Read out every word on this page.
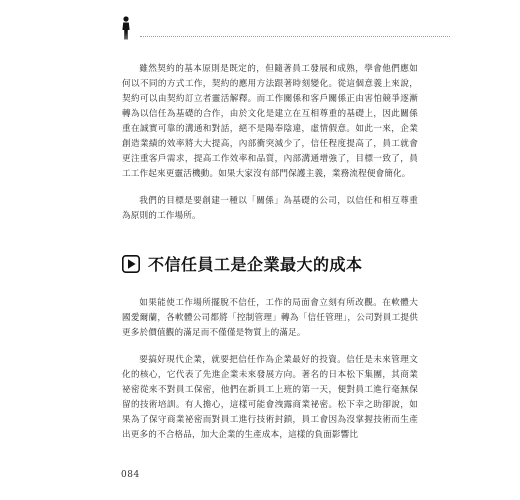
雖然契約的基本原則是既定的，但隨著員工發展和成熟，學會他們應如何以不同的方式工作，契約的應用方法跟著時刻變化。從這個意義上來說，契約可以由契約訂立者靈活解釋。而工作關係和客戶關係正由害怕競爭逐漸轉為以信任為基礎的合作，由於文化是建立在互相尊重的基礎上，因此關係重在誠實可靠的溝通和對話，絕不是陽奉陰違，虛情假意。如此一來，企業創造業績的效率將大大提高，內部衝突減少了，信任程度提高了，員工就會更注重客戶需求，提高工作效率和品質，內部溝通增強了，目標一致了，員工工作起來更靈活機動。如果大家沒有部門保護主義，業務流程便會簡化。

我們的目標是要創建一種以「關係」為基礎的公司，以信任和相互尊重為原則的工作場所。

不信任員工是企業最大的成本

如果能使工作場所擺脫不信任，工作的局面會立刻有所改觀。在軟體大國愛爾蘭，各軟體公司都將「控制管理」轉為「信任管理」，公司對員工提供更多於價值觀的滿足而不僅僅是物質上的滿足。

要搞好現代企業，就要把信任作為企業最好的投資。信任是未來管理文化的核心，它代表了先進企業未來發展方向。著名的日本松下集團，其商業祕密從來不對員工保密，他們在新員工上班的第一天，便對員工進行毫無保留的技術培訓。有人擔心，這樣可能會洩露商業祕密。松下幸之助卻說，如果為了保守商業祕密而對員工進行技術封鎖，員工會因為沒掌握技術而生產出更多的不合格品，加大企業的生產成本，這樣的負面影響比

084
